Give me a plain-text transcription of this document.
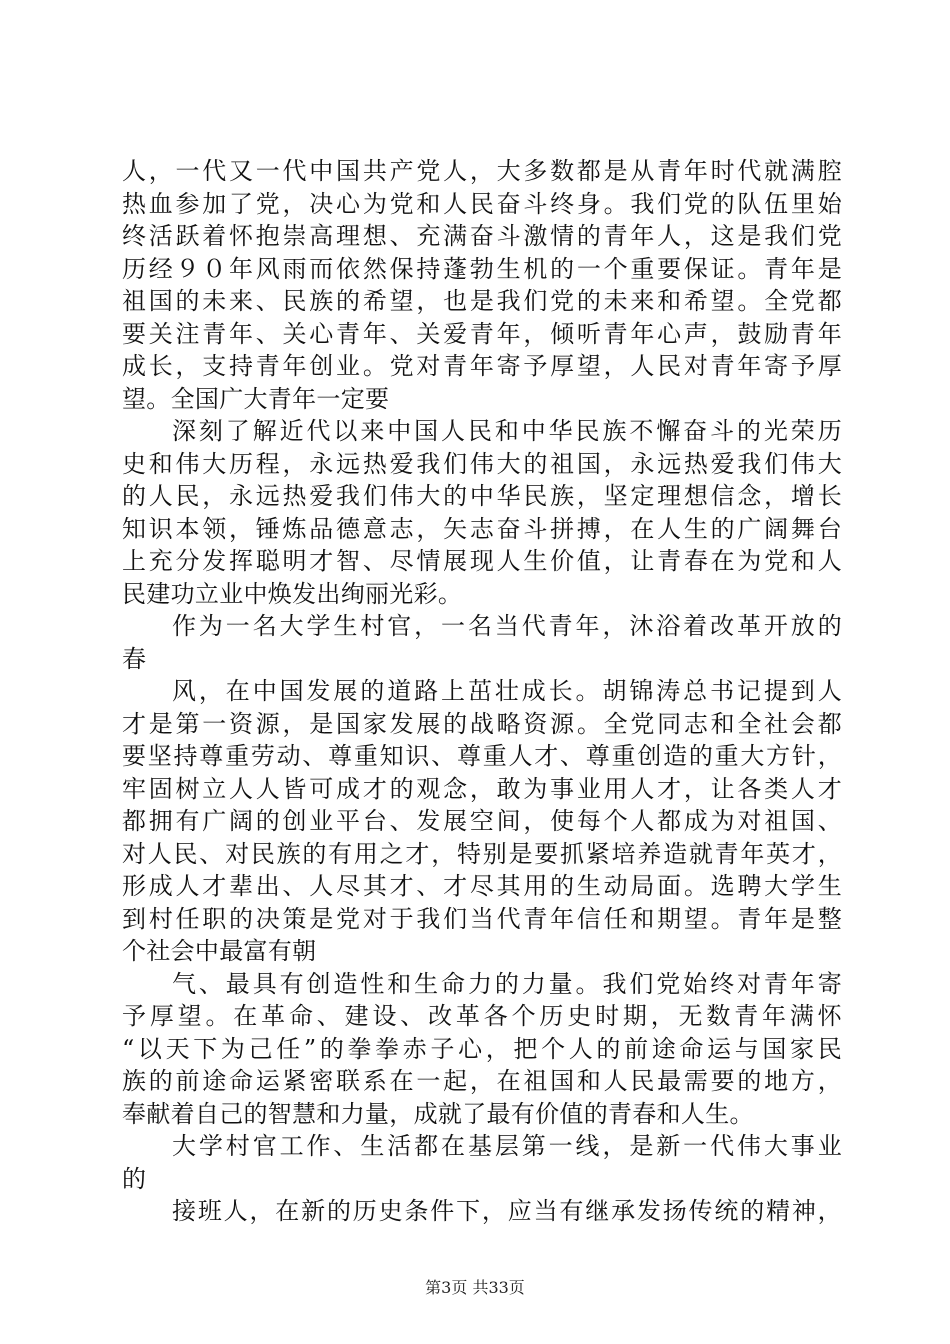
人，一代又一代中国共产党人，大多数都是从青年时代就满腔
热血参加了党，决心为党和人民奋斗终身。我们党的队伍里始
终活跃着怀抱崇高理想、充满奋斗激情的青年人，这是我们党
历经９０年风雨而依然保持蓬勃生机的一个重要保证。青年是
祖国的未来、民族的希望，也是我们党的未来和希望。全党都
要关注青年、关心青年、关爱青年，倾听青年心声，鼓励青年
成长，支持青年创业。党对青年寄予厚望，人民对青年寄予厚
望。全国广大青年一定要
深刻了解近代以来中国人民和中华民族不懈奋斗的光荣历
史和伟大历程，永远热爱我们伟大的祖国，永远热爱我们伟大
的人民，永远热爱我们伟大的中华民族，坚定理想信念，增长
知识本领，锤炼品德意志，矢志奋斗拼搏，在人生的广阔舞台
上充分发挥聪明才智、尽情展现人生价值，让青春在为党和人
民建功立业中焕发出绚丽光彩。
作为一名大学生村官，一名当代青年，沐浴着改革开放的
春
风，在中国发展的道路上茁壮成长。胡锦涛总书记提到人
才是第一资源，是国家发展的战略资源。全党同志和全社会都
要坚持尊重劳动、尊重知识、尊重人才、尊重创造的重大方针，
牢固树立人人皆可成才的观念，敢为事业用人才，让各类人才
都拥有广阔的创业平台、发展空间，使每个人都成为对祖国、
对人民、对民族的有用之才，特别是要抓紧培养造就青年英才，
形成人才辈出、人尽其才、才尽其用的生动局面。选聘大学生
到村任职的决策是党对于我们当代青年信任和期望。青年是整
个社会中最富有朝
气、最具有创造性和生命力的力量。我们党始终对青年寄
予厚望。在革命、建设、改革各个历史时期，无数青年满怀
“以天下为己任”的拳拳赤子心，把个人的前途命运与国家民
族的前途命运紧密联系在一起，在祖国和人民最需要的地方，
奉献着自己的智慧和力量，成就了最有价值的青春和人生。
大学村官工作、生活都在基层第一线，是新一代伟大事业
的
接班人，在新的历史条件下，应当有继承发扬传统的精神，
第3页 共33页
